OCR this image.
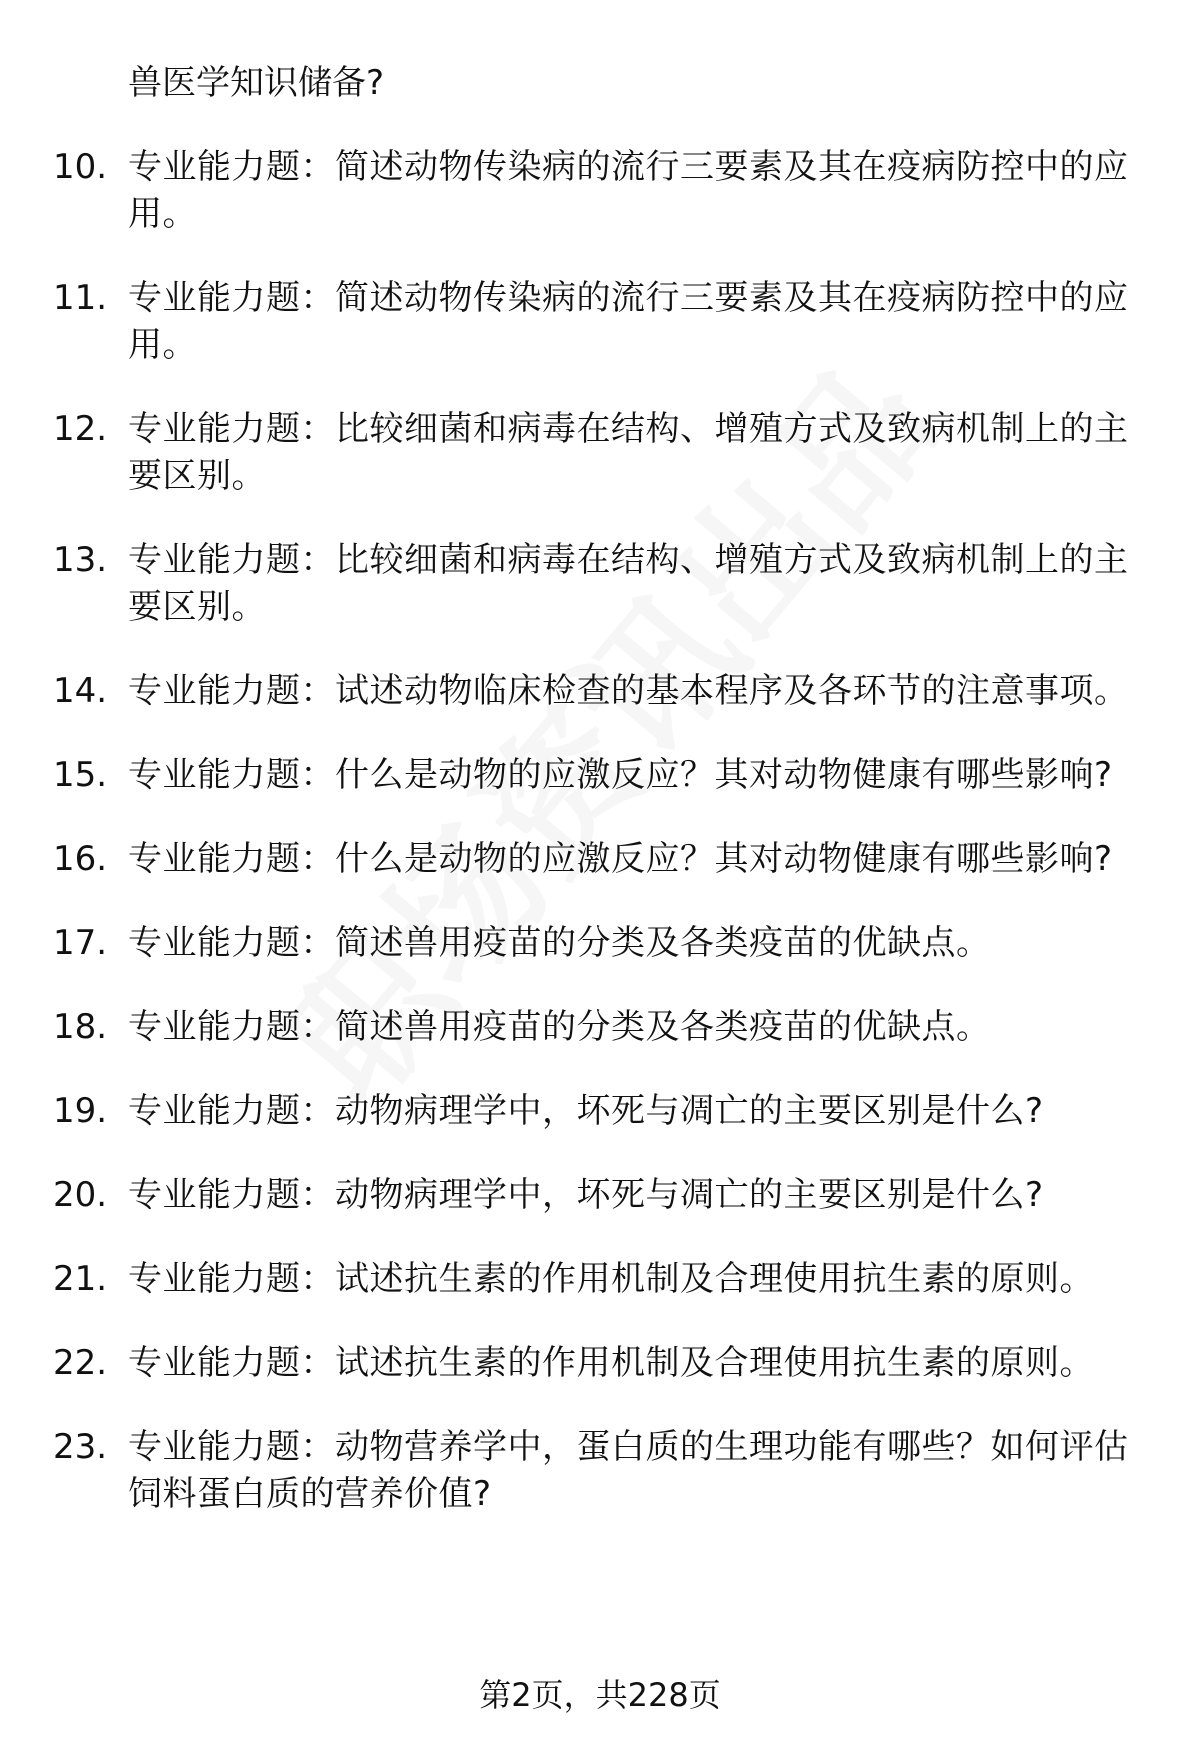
兽医学知识储备?
10. 专业能力题：简述动物传染病的流行三要素及其在疫病防控中的应用。
11. 专业能力题：简述动物传染病的流行三要素及其在疫病防控中的应用。
12. 专业能力题：比较细菌和病毒在结构、增殖方式及致病机制上的主要区别。
13. 专业能力题：比较细菌和病毒在结构、增殖方式及致病机制上的主要区别。
14. 专业能力题：试述动物临床检查的基本程序及各环节的注意事项。
15. 专业能力题：什么是动物的应激反应？其对动物健康有哪些影响?
16. 专业能力题：什么是动物的应激反应？其对动物健康有哪些影响?
17. 专业能力题：简述兽用疫苗的分类及各类疫苗的优缺点。
18. 专业能力题：简述兽用疫苗的分类及各类疫苗的优缺点。
19. 专业能力题：动物病理学中，坏死与凋亡的主要区别是什么?
20. 专业能力题：动物病理学中，坏死与凋亡的主要区别是什么?
21. 专业能力题：试述抗生素的作用机制及合理使用抗生素的原则。
22. 专业能力题：试述抗生素的作用机制及合理使用抗生素的原则。
23. 专业能力题：动物营养学中，蛋白质的生理功能有哪些？如何评估饲料蛋白质的营养价值?
第2页，共228页
